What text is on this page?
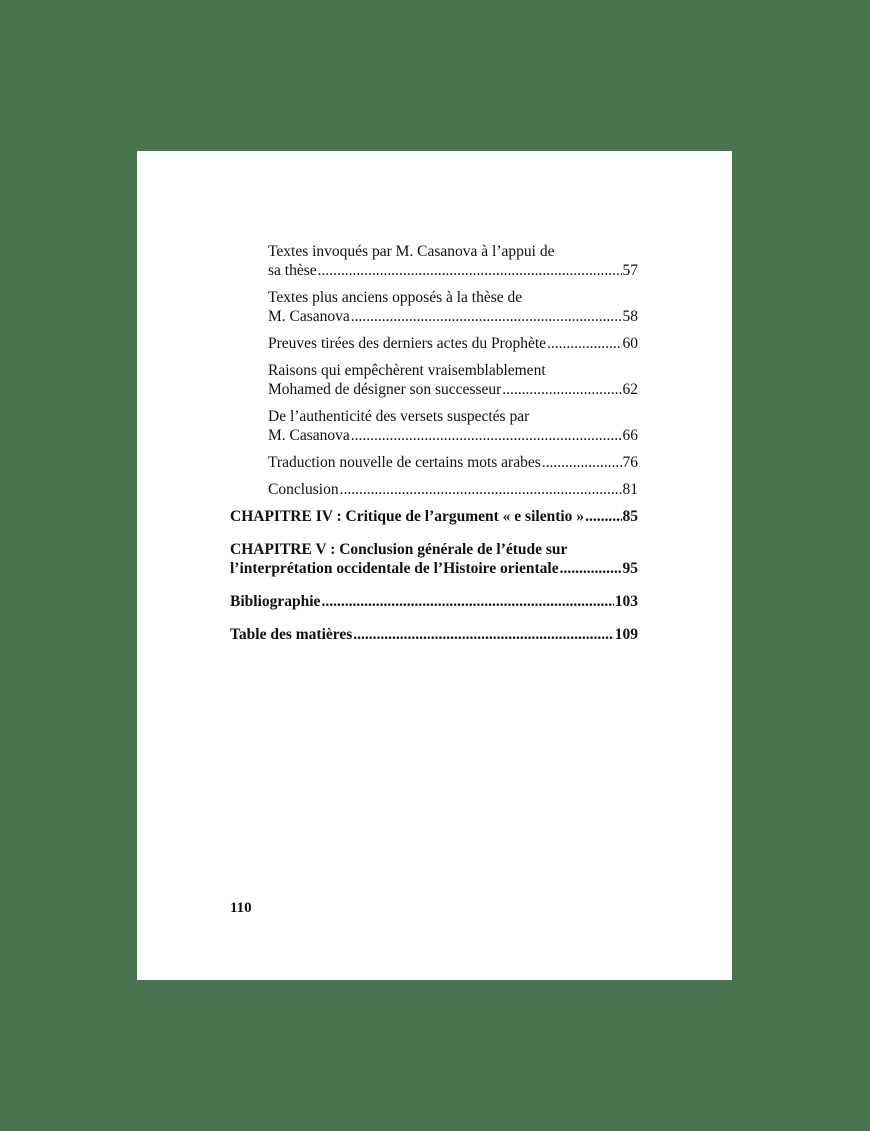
Textes invoqués par M. Casanova à l’appui de
sa thèse .....	57
Textes plus anciens opposés à la thèse de
M. Casanova .....	58
Preuves tirées des derniers actes du Prophète .....	60
Raisons qui empêchèrent vraisemblablement
Mohamed de désigner son successeur .....	62
De l’authenticité des versets suspectés par
M. Casanova .....	66
Traduction nouvelle de certains mots arabes .....	76
Conclusion .....	81
CHAPITRE IV : Critique de l’argument « e silentio » ..... 85
CHAPITRE V : Conclusion générale de l’étude sur
l’interprétation occidentale de l’Histoire orientale .....	95
Bibliographie .....	103
Table des matières .....	109
110
